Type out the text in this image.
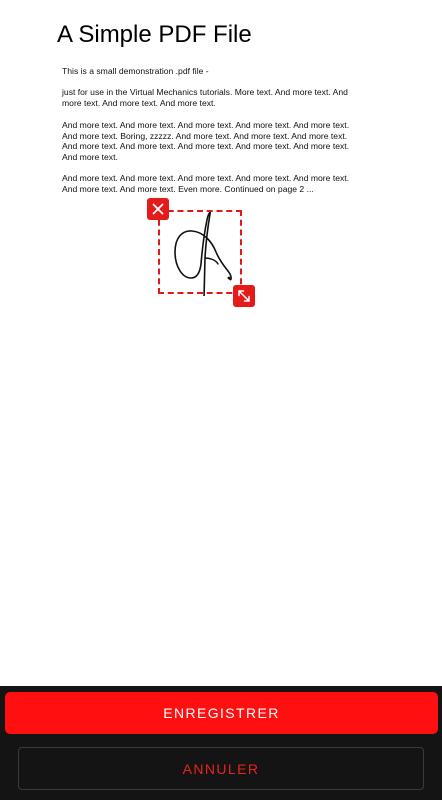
A Simple PDF File
This is a small demonstration .pdf file -
just for use in the Virtual Mechanics tutorials. More text. And more text. And more text. And more text. And more text.
And more text. And more text. And more text. And more text. And more text. And more text. Boring, zzzzz. And more text. And more text. And more text. And more text. And more text. And more text. And more text. And more text. And more text.
And more text. And more text. And more text. And more text. And more text. And more text. And more text. Even more. Continued on page 2 ...
ENREGISTRER
ANNULER
